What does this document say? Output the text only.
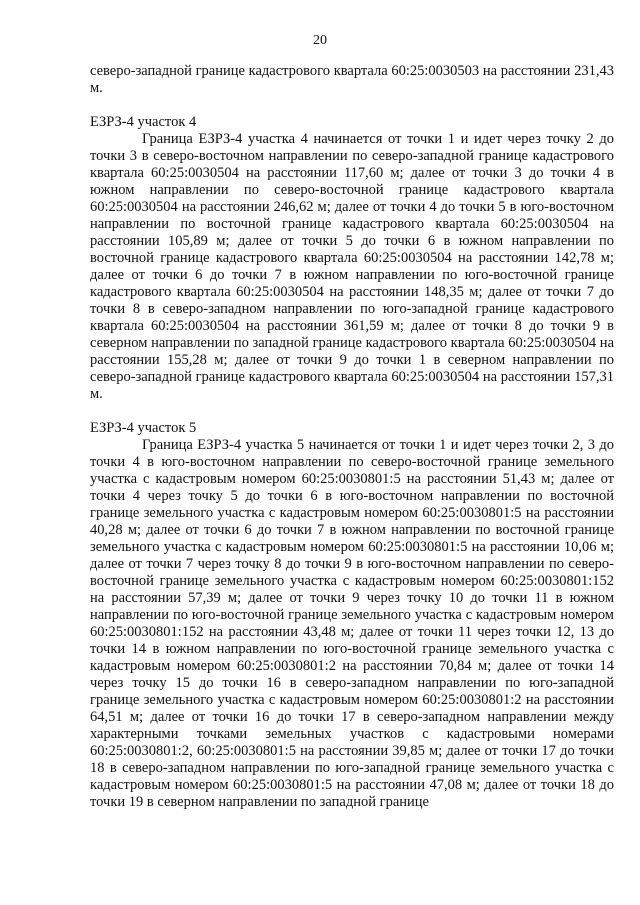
20

северо-западной границе кадастрового квартала 60:25:0030503 на расстоянии 231,43 м.

ЕЗРЗ-4 участок 4

Граница ЕЗРЗ-4 участка 4 начинается от точки 1 и идет через точку 2 до точки 3 в северо-восточном направлении по северо-западной границе кадастрового квартала 60:25:0030504 на расстоянии 117,60 м; далее от точки 3 до точки 4 в южном направлении по северо-восточной границе кадастрового квартала 60:25:0030504 на расстоянии 246,62 м; далее от точки 4 до точки 5 в юго-восточном направлении по восточной границе кадастрового квартала 60:25:0030504 на расстоянии 105,89 м; далее от точки 5 до точки 6 в южном направлении по восточной границе кадастрового квартала 60:25:0030504 на расстоянии 142,78 м; далее от точки 6 до точки 7 в южном направлении по юго-восточной границе кадастрового квартала 60:25:0030504 на расстоянии 148,35 м; далее от точки 7 до точки 8 в северо-западном направлении по юго-западной границе кадастрового квартала 60:25:0030504 на расстоянии 361,59 м; далее от точки 8 до точки 9 в северном направлении по западной границе кадастрового квартала 60:25:0030504 на расстоянии 155,28 м; далее от точки 9 до точки 1 в северном направлении по северо-западной границе кадастрового квартала 60:25:0030504 на расстоянии 157,31 м.

ЕЗРЗ-4 участок 5

Граница ЕЗРЗ-4 участка 5 начинается от точки 1 и идет через точки 2, 3 до точки 4 в юго-восточном направлении по северо-восточной границе земельного участка с кадастровым номером 60:25:0030801:5 на расстоянии 51,43 м; далее от точки 4 через точку 5 до точки 6 в юго-восточном направлении по восточной границе земельного участка с кадастровым номером 60:25:0030801:5 на расстоянии 40,28 м; далее от точки 6 до точки 7 в южном направлении по восточной границе земельного участка с кадастровым номером 60:25:0030801:5 на расстоянии 10,06 м; далее от точки 7 через точку 8 до точки 9 в юго-восточном направлении по северо-восточной границе земельного участка с кадастровым номером 60:25:0030801:152 на расстоянии 57,39 м; далее от точки 9 через точку 10 до точки 11 в южном направлении по юго-восточной границе земельного участка с кадастровым номером 60:25:0030801:152 на расстоянии 43,48 м; далее от точки 11 через точки 12, 13 до точки 14 в южном направлении по юго-восточной границе земельного участка с кадастровым номером 60:25:0030801:2 на расстоянии 70,84 м; далее от точки 14 через точку 15 до точки 16 в северо-западном направлении по юго-западной границе земельного участка с кадастровым номером 60:25:0030801:2 на расстоянии 64,51 м; далее от точки 16 до точки 17 в северо-западном направлении между характерными точками земельных участков с кадастровыми номерами 60:25:0030801:2, 60:25:0030801:5 на расстоянии 39,85 м; далее от точки 17 до точки 18 в северо-западном направлении по юго-западной границе земельного участка с кадастровым номером 60:25:0030801:5 на расстоянии 47,08 м; далее от точки 18 до точки 19 в северном направлении по западной границе
